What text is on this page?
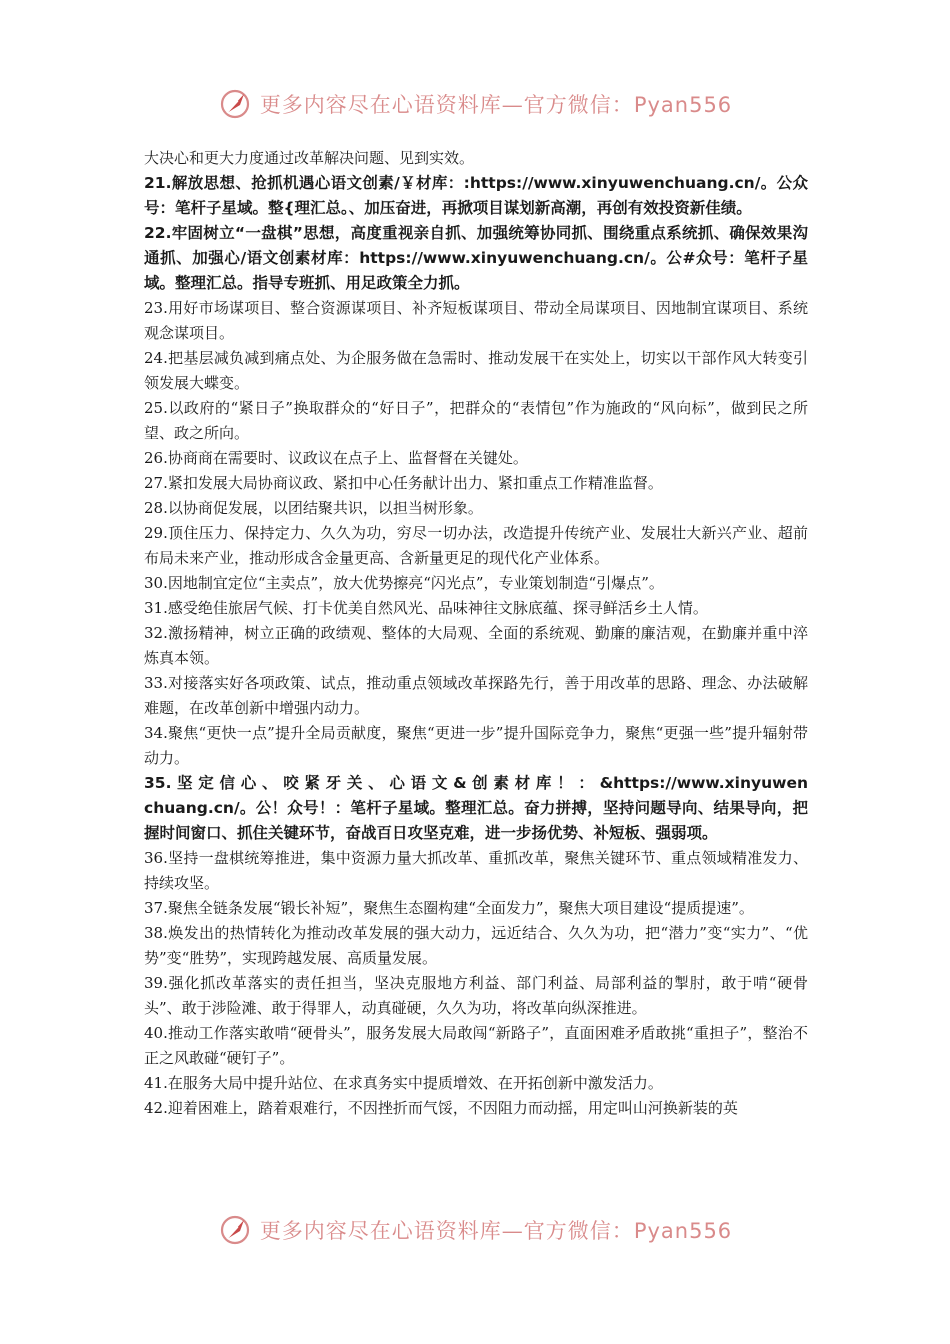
更多内容尽在心语资料库—官方微信：Pyan556

大决心和更大力度通过改革解决问题、见到实效。

21.解放思想、抢抓机遇心语文创素/￥材库：:https://www.xinyuwenchuang.cn/。公众号：笔杆子星域。整{理汇总。、加压奋进，再掀项目谋划新高潮，再创有效投资新佳绩。

22.牢固树立“一盘棋”思想，高度重视亲自抓、加强统筹协同抓、围绕重点系统抓、确保效果沟通抓、加强心/语文创素材库：https://www.xinyuwenchuang.cn/。公#众号：笔杆子星域。整理汇总。指导专班抓、用足政策全力抓。

23.用好市场谋项目、整合资源谋项目、补齐短板谋项目、带动全局谋项目、因地制宜谋项目、系统观念谋项目。

24.把基层减负减到痛点处、为企服务做在急需时、推动发展干在实处上，切实以干部作风大转变引领发展大蝶变。

25.以政府的“紧日子”换取群众的“好日子”，把群众的“表情包”作为施政的“风向标”，做到民之所望、政之所向。

26.协商商在需要时、议政议在点子上、监督督在关键处。

27.紧扣发展大局协商议政、紧扣中心任务献计出力、紧扣重点工作精准监督。

28.以协商促发展，以团结聚共识，以担当树形象。

29.顶住压力、保持定力、久久为功，穷尽一切办法，改造提升传统产业、发展壮大新兴产业、超前布局未来产业，推动形成含金量更高、含新量更足的现代化产业体系。

30.因地制宜定位“主卖点”，放大优势擦亮“闪光点”，专业策划制造“引爆点”。

31.感受绝佳旅居气候、打卡优美自然风光、品味神往文脉底蕴、探寻鲜活乡土人情。

32.激扬精神，树立正确的政绩观、整体的大局观、全面的系统观、勤廉的廉洁观，在勤廉并重中淬炼真本领。

33.对接落实好各项政策、试点，推动重点领域改革探路先行，善于用改革的思路、理念、办法破解难题，在改革创新中增强内动力。

34.聚焦“更快一点”提升全局贡献度，聚焦“更进一步”提升国际竞争力，聚焦“更强一些”提升辐射带动力。

35. 坚 定 信 心 、 咬 紧 牙 关 、 心 语 文 & 创 素 材 库 ！ ： &https://www.xinyuwenchuang.cn/。公！众号！：笔杆子星域。整理汇总。奋力拼搏，坚持问题导向、结果导向，把握时间窗口、抓住关键环节，奋战百日攻坚克难，进一步扬优势、补短板、强弱项。

36.坚持一盘棋统筹推进，集中资源力量大抓改革、重抓改革，聚焦关键环节、重点领域精准发力、持续攻坚。

37.聚焦全链条发展“锻长补短”，聚焦生态圈构建“全面发力”，聚焦大项目建设“提质提速”。

38.焕发出的热情转化为推动改革发展的强大动力，远近结合、久久为功，把“潜力”变“实力”、“优势”变“胜势”，实现跨越发展、高质量发展。

39.强化抓改革落实的责任担当，坚决克服地方利益、部门利益、局部利益的掣肘，敢于啃“硬骨头”、敢于涉险滩、敢于得罪人，动真碰硬，久久为功，将改革向纵深推进。

40.推动工作落实敢啃“硬骨头”，服务发展大局敢闯“新路子”，直面困难矛盾敢挑“重担子”，整治不正之风敢碰“硬钉子”。

41.在服务大局中提升站位、在求真务实中提质增效、在开拓创新中激发活力。

42.迎着困难上，踏着艰难行，不因挫折而气馁，不因阻力而动摇，用定叫山河换新装的英

更多内容尽在心语资料库—官方微信：Pyan556
